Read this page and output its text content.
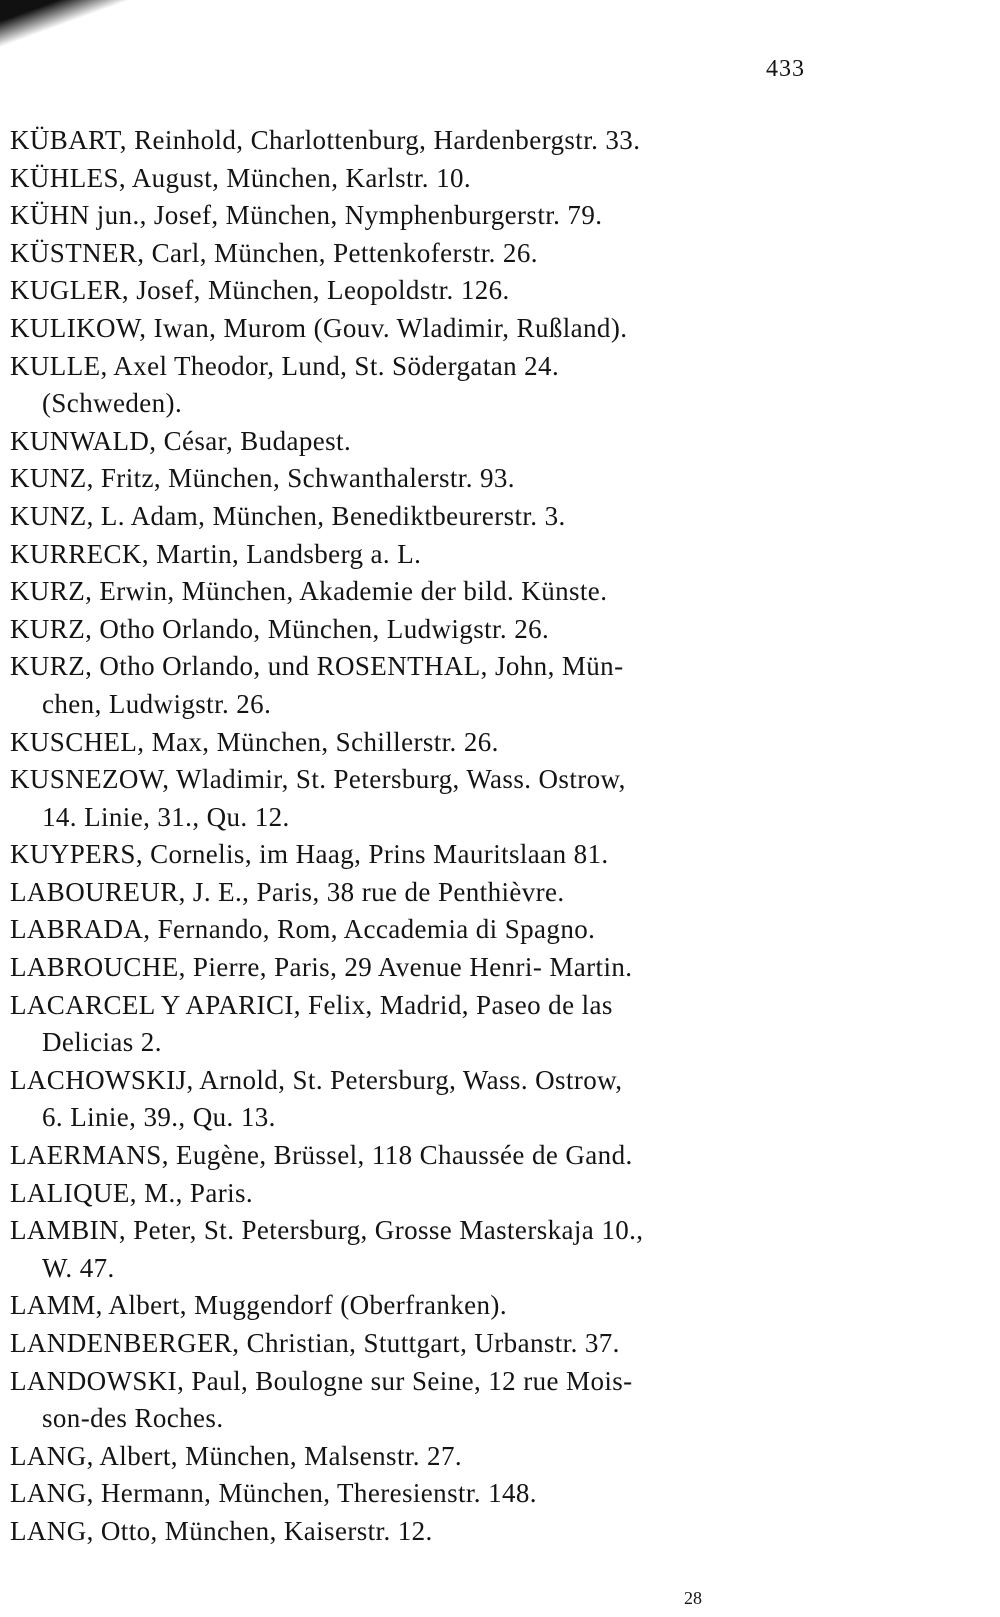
433
KÜBART, Reinhold, Charlottenburg, Hardenbergstr. 33.
KÜHLES, August, München, Karlstr. 10.
KÜHN jun., Josef, München, Nymphenburgerstr. 79.
KÜSTNER, Carl, München, Pettenkoferstr. 26.
KUGLER, Josef, München, Leopoldstr. 126.
KULIKOW, Iwan, Murom (Gouv. Wladimir, Rußland).
KULLE, Axel Theodor, Lund, St. Södergatan 24.
(Schweden).
KUNWALD, César, Budapest.
KUNZ, Fritz, München, Schwanthalerstr. 93.
KUNZ, L. Adam, München, Benediktbeurerstr. 3.
KURRECK, Martin, Landsberg a. L.
KURZ, Erwin, München, Akademie der bild. Künste.
KURZ, Otho Orlando, München, Ludwigstr. 26.
KURZ, Otho Orlando, und ROSENTHAL, John, Mün-
chen, Ludwigstr. 26.
KUSCHEL, Max, München, Schillerstr. 26.
KUSNEZOW, Wladimir, St. Petersburg, Wass. Ostrow,
14. Linie, 31., Qu. 12.
KUYPERS, Cornelis, im Haag, Prins Mauritslaan 81.
LABOUREUR, J. E., Paris, 38 rue de Penthièvre.
LABRADA, Fernando, Rom, Accademia di Spagno.
LABROUCHE, Pierre, Paris, 29 Avenue Henri- Martin.
LACARCEL Y APARICI, Felix, Madrid, Paseo de las
Delicias 2.
LACHOWSKIJ, Arnold, St. Petersburg, Wass. Ostrow,
6. Linie, 39., Qu. 13.
LAERMANS, Eugène, Brüssel, 118 Chaussée de Gand.
LALIQUE, M., Paris.
LAMBIN, Peter, St. Petersburg, Grosse Masterskaja 10.,
W. 47.
LAMM, Albert, Muggendorf (Oberfranken).
LANDENBERGER, Christian, Stuttgart, Urbanstr. 37.
LANDOWSKI, Paul, Boulogne sur Seine, 12 rue Mois-
son-des Roches.
LANG, Albert, München, Malsenstr. 27.
LANG, Hermann, München, Theresienstr. 148.
LANG, Otto, München, Kaiserstr. 12.
28
